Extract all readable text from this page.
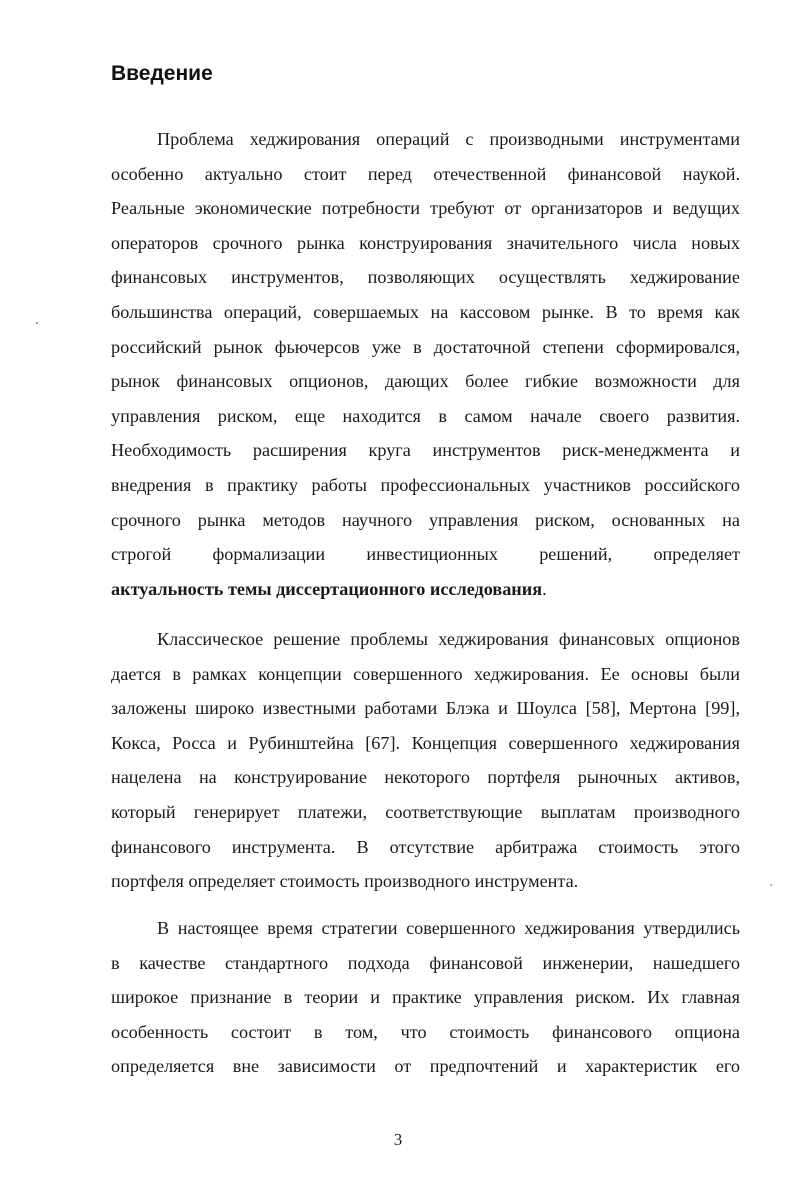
Введение
Проблема хеджирования операций с производными инструментами
особенно актуально стоит перед отечественной финансовой наукой.
Реальные экономические потребности требуют от организаторов и ведущих
операторов срочного рынка конструирования значительного числа новых
финансовых инструментов, позволяющих осуществлять хеджирование
большинства операций, совершаемых на кассовом рынке. В то время как
российский рынок фьючерсов уже в достаточной степени сформировался,
рынок финансовых опционов, дающих более гибкие возможности для
управления риском, еще находится в самом начале своего развития.
Необходимость расширения круга инструментов риск-менеджмента и
внедрения в практику работы профессиональных участников российского
срочного рынка методов научного управления риском, основанных на
строгой формализации инвестиционных решений, определяет
актуальность темы диссертационного исследования.
Классическое решение проблемы хеджирования финансовых опционов
дается в рамках концепции совершенного хеджирования. Ее основы были
заложены широко известными работами Блэка и Шоулса [58], Мертона [99],
Кокса, Росса и Рубинштейна [67]. Концепция совершенного хеджирования
нацелена на конструирование некоторого портфеля рыночных активов,
который генерирует платежи, соответствующие выплатам производного
финансового инструмента. В отсутствие арбитража стоимость этого
портфеля определяет стоимость производного инструмента.
В настоящее время стратегии совершенного хеджирования утвердились
в качестве стандартного подхода финансовой инженерии, нашедшего
широкое признание в теории и практике управления риском. Их главная
особенность состоит в том, что стоимость финансового опциона
определяется вне зависимости от предпочтений и характеристик его
3
